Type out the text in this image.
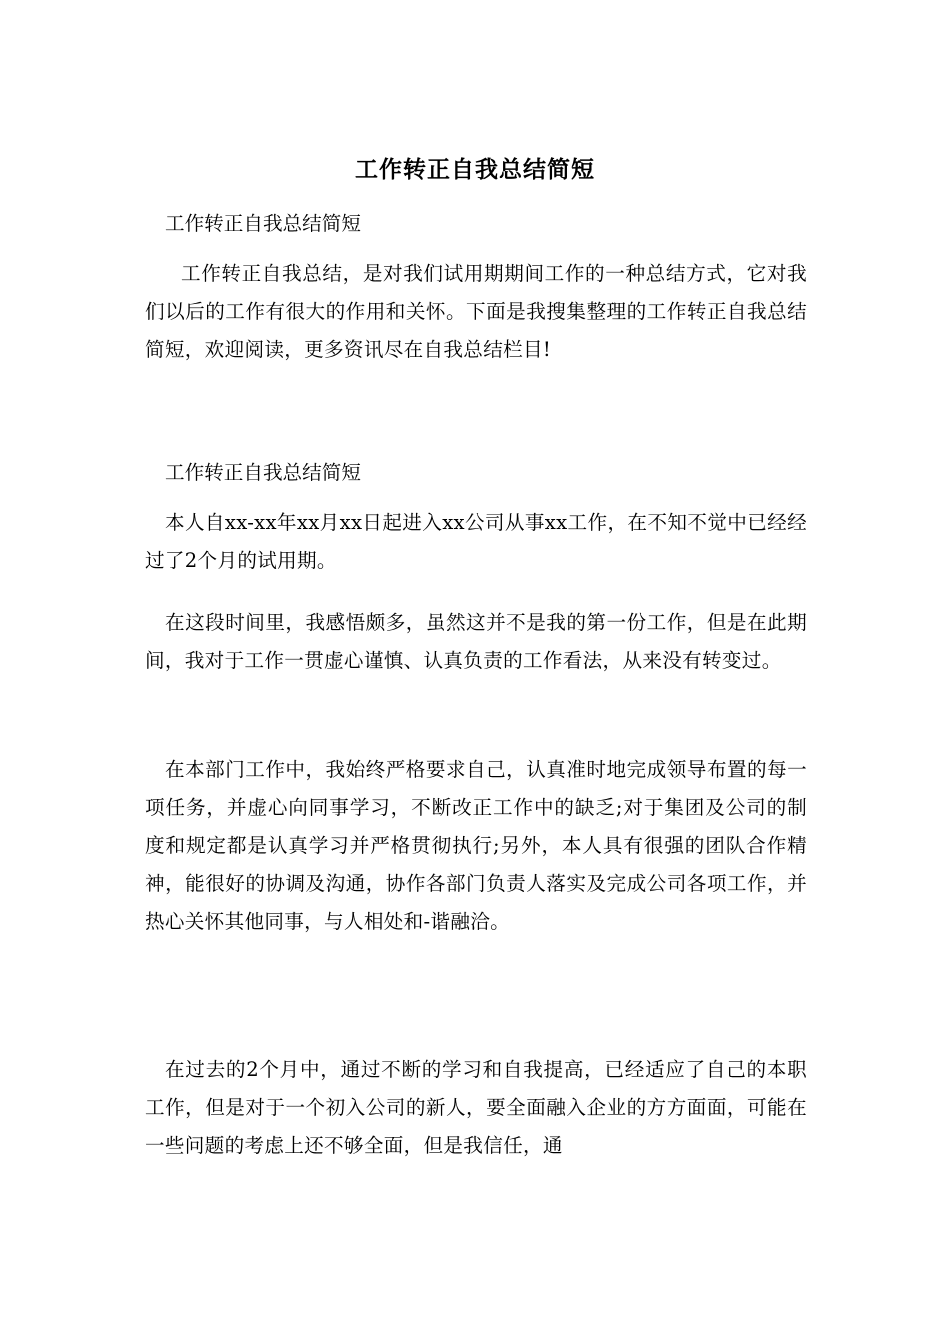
工作转正自我总结简短
工作转正自我总结简短
工作转正自我总结，是对我们试用期期间工作的一种总结方式，它对我们以后的工作有很大的作用和关怀。下面是我搜集整理的工作转正自我总结简短，欢迎阅读，更多资讯尽在自我总结栏目!
工作转正自我总结简短
本人自xx-xx年xx月xx日起进入xx公司从事xx工作，在不知不觉中已经经过了2个月的试用期。
在这段时间里，我感悟颇多，虽然这并不是我的第一份工作，但是在此期间，我对于工作一贯虚心谨慎、认真负责的工作看法，从来没有转变过。
在本部门工作中，我始终严格要求自己，认真准时地完成领导布置的每一项任务，并虚心向同事学习，不断改正工作中的缺乏;对于集团及公司的制度和规定都是认真学习并严格贯彻执行;另外，本人具有很强的团队合作精神，能很好的协调及沟通，协作各部门负责人落实及完成公司各项工作，并热心关怀其他同事，与人相处和-谐融洽。
在过去的2个月中，通过不断的学习和自我提高，已经适应了自己的本职工作，但是对于一个初入公司的新人，要全面融入企业的方方面面，可能在一些问题的考虑上还不够全面，但是我信任，通
